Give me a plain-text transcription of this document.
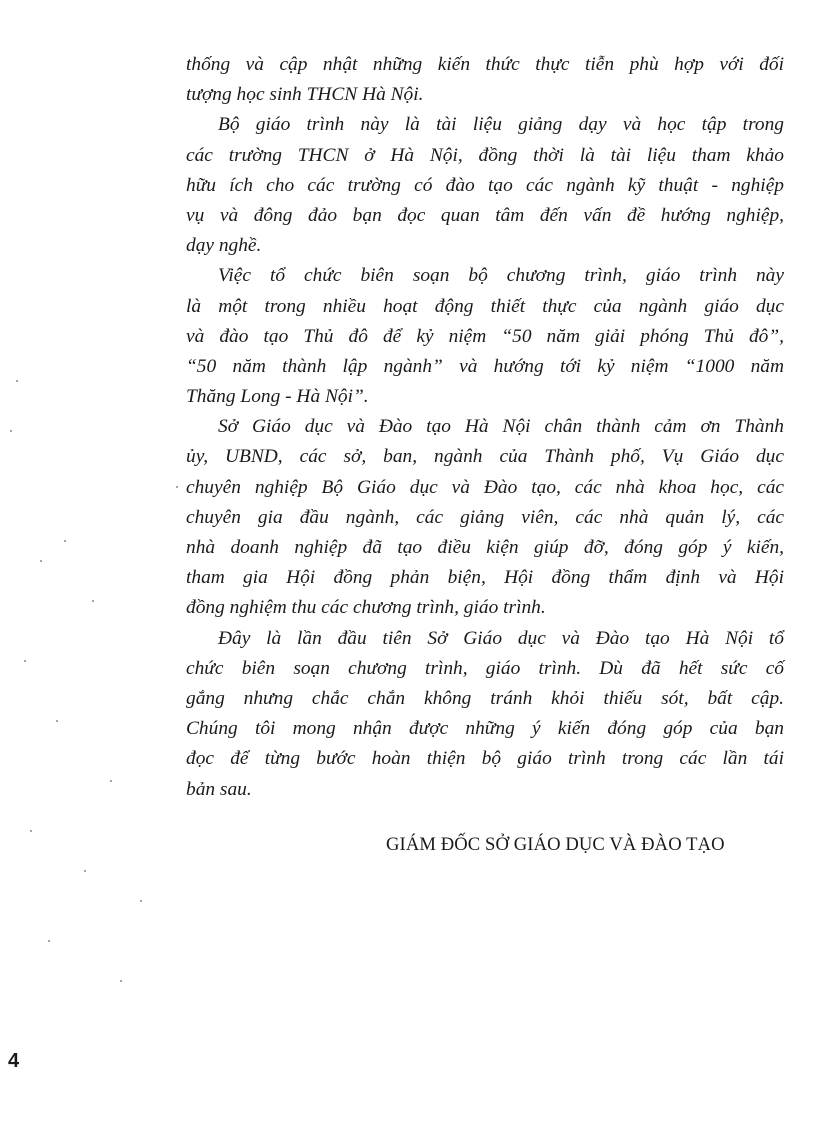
thống và cập nhật những kiến thức thực tiễn phù hợp với đối
tượng học sinh THCN Hà Nội.
Bộ giáo trình này là tài liệu giảng dạy và học tập trong
các trường THCN ở Hà Nội, đồng thời là tài liệu tham khảo
hữu ích cho các trường có đào tạo các ngành kỹ thuật - nghiệp
vụ và đông đảo bạn đọc quan tâm đến vấn đề hướng nghiệp,
dạy nghề.
Việc tổ chức biên soạn bộ chương trình, giáo trình này
là một trong nhiều hoạt động thiết thực của ngành giáo dục
và đào tạo Thủ đô để kỷ niệm “50 năm giải phóng Thủ đô”,
“50 năm thành lập ngành” và hướng tới kỷ niệm “1000 năm
Thăng Long - Hà Nội”.
Sở Giáo dục và Đào tạo Hà Nội chân thành cảm ơn Thành
ủy, UBND, các sở, ban, ngành của Thành phố, Vụ Giáo dục
chuyên nghiệp Bộ Giáo dục và Đào tạo, các nhà khoa học, các
chuyên gia đầu ngành, các giảng viên, các nhà quản lý, các
nhà doanh nghiệp đã tạo điều kiện giúp đỡ, đóng góp ý kiến,
tham gia Hội đồng phản biện, Hội đồng thẩm định và Hội
đồng nghiệm thu các chương trình, giáo trình.
Đây là lần đầu tiên Sở Giáo dục và Đào tạo Hà Nội tổ
chức biên soạn chương trình, giáo trình. Dù đã hết sức cố
gắng nhưng chắc chắn không tránh khỏi thiếu sót, bất cập.
Chúng tôi mong nhận được những ý kiến đóng góp của bạn
đọc để từng bước hoàn thiện bộ giáo trình trong các lần tái
bản sau.
GIÁM ĐỐC SỞ GIÁO DỤC VÀ ĐÀO TẠO
4
